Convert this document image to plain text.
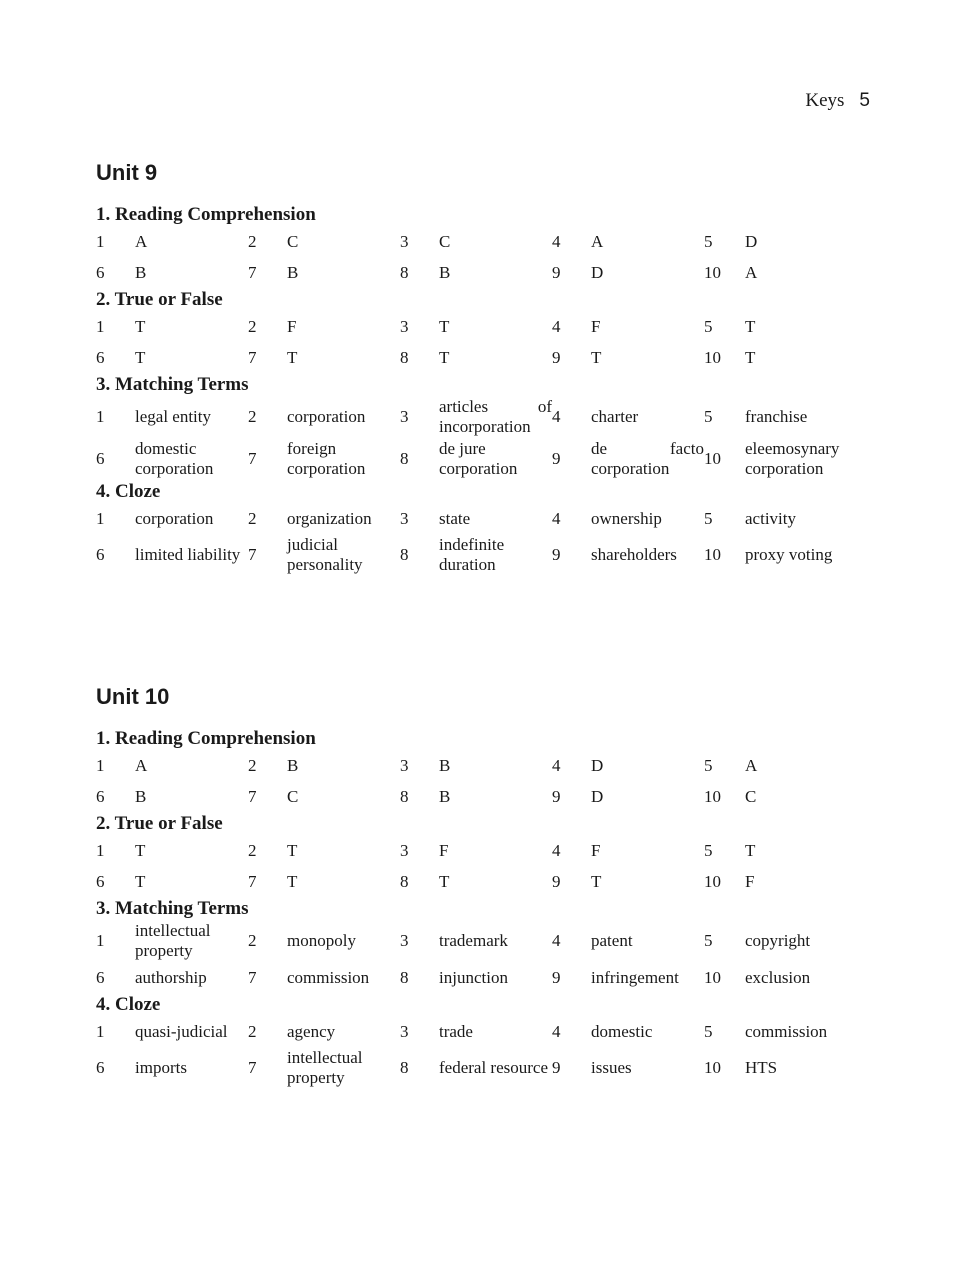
Keys 5
Unit 9
1. Reading Comprehension
1	A	2	C	3	C	4	A	5	D
6	B	7	B	8	B	9	D	10	A
2. True or False
1	T	2	F	3	T	4	F	5	T
6	T	7	T	8	T	9	T	10	T
3. Matching Terms
1	legal entity	2	corporation	3	articles of incorporation	4	charter	5	franchise
6	domestic corporation	7	foreign corporation	8	de jure corporation	9	de facto corporation	10	eleemosynary corporation
4. Cloze
1	corporation	2	organization	3	state	4	ownership	5	activity
6	limited liability	7	judicial personality	8	indefinite duration	9	shareholders	10	proxy voting
Unit 10
1. Reading Comprehension
1	A	2	B	3	B	4	D	5	A
6	B	7	C	8	B	9	D	10	C
2. True or False
1	T	2	T	3	F	4	F	5	T
6	T	7	T	8	T	9	T	10	F
3. Matching Terms
1	intellectual property	2	monopoly	3	trademark	4	patent	5	copyright
6	authorship	7	commission	8	injunction	9	infringement	10	exclusion
4. Cloze
1	quasi-judicial	2	agency	3	trade	4	domestic	5	commission
6	imports	7	intellectual property	8	federal resource	9	issues	10	HTS
